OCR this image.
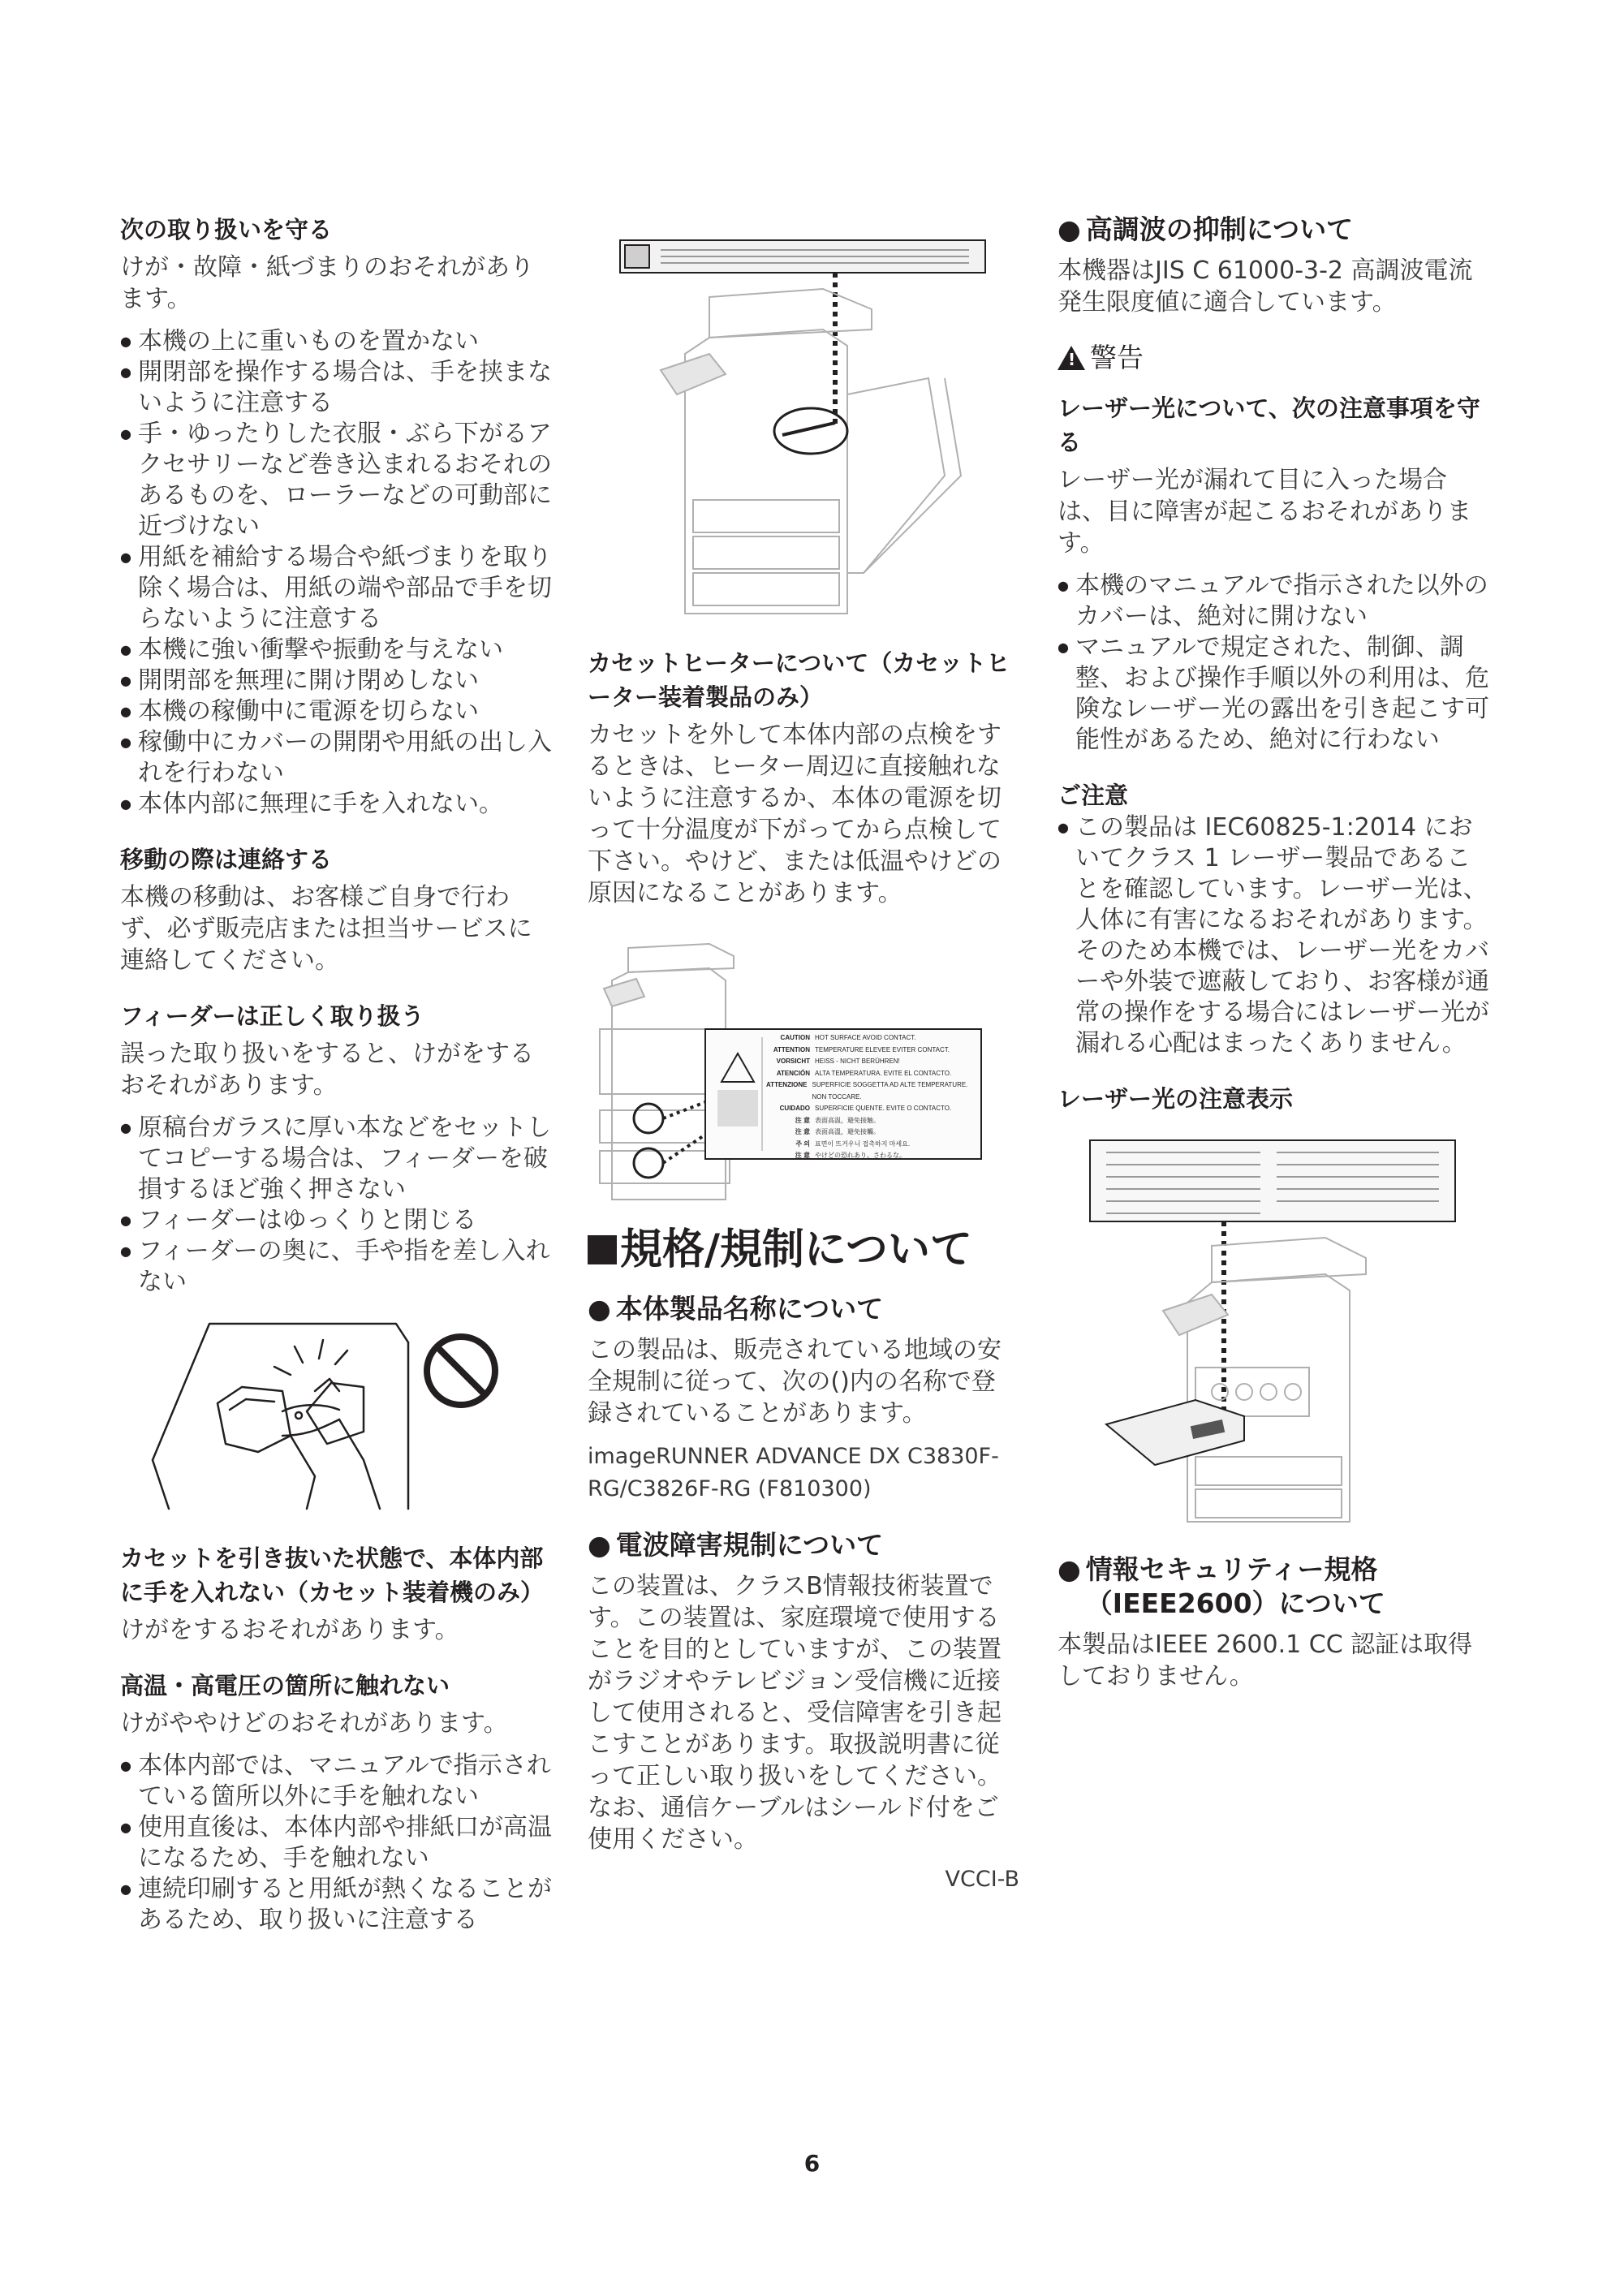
次の取り扱いを守る

けが・故障・紙づまりのおそれがあります。

● 本機の上に重いものを置かない
● 開閉部を操作する場合は、手を挟まないように注意する
● 手・ゆったりした衣服・ぶら下がるアクセサリーなど巻き込まれるおそれのあるものを、ローラーなどの可動部に近づけない
● 用紙を補給する場合や紙づまりを取り除く場合は、用紙の端や部品で手を切らないように注意する
● 本機に強い衝撃や振動を与えない
● 開閉部を無理に開け閉めしない
● 本機の稼働中に電源を切らない
● 稼働中にカバーの開閉や用紙の出し入れを行わない
● 本体内部に無理に手を入れない。

移動の際は連絡する

本機の移動は、お客様ご自身で行わず、必ず販売店または担当サービスに連絡してください。

フィーダーは正しく取り扱う

誤った取り扱いをすると、けがをするおそれがあります。

● 原稿台ガラスに厚い本などをセットしてコピーする場合は、フィーダーを破損するほど強く押さない
● フィーダーはゆっくりと閉じる
● フィーダーの奥に、手や指を差し入れない

カセットを引き抜いた状態で、本体内部に手を入れない（カセット装着機のみ）

けがをするおそれがあります。

高温・高電圧の箇所に触れない

けがややけどのおそれがあります。

● 本体内部では、マニュアルで指示されている箇所以外に手を触れない
● 使用直後は、本体内部や排紙口が高温になるため、手を触れない
● 連続印刷すると用紙が熱くなることがあるため、取り扱いに注意する

カセットヒーターについて（カセットヒーター装着製品のみ）

カセットを外して本体内部の点検をするときは、ヒーター周辺に直接触れないように注意するか、本体の電源を切って十分温度が下がってから点検して下さい。やけど、または低温やけどの原因になることがあります。

CAUTION HOT SURFACE AVOID CONTACT.
ATTENTION TEMPERATURE ELEVEE EVITER CONTACT.
VORSICHT HEISS - NICHT BERÜHREN!
ATENCIÓN ALTA TEMPERATURA. EVITE EL CONTACTO.
ATTENZIONE SUPERFICIE SOGGETTA AD ALTE TEMPERATURE. NON TOCCARE.
CUIDADO SUPERFICIE QUENTE. EVITE O CONTACTO.
注 意 表面高温，避免接触。
注 意 表面高溫，避免接觸。
주 의 표면이 뜨거우니 접촉하지 마세요.
注 意 やけどの恐れあり。さわるな。

規格/規制について

● 本体製品名称について

この製品は、販売されている地域の安全規制に従って、次の()内の名称で登録されていることがあります。

imageRUNNER ADVANCE DX C3830F-RG/C3826F-RG (F810300)

● 電波障害規制について

この装置は、クラスB情報技術装置です。この装置は、家庭環境で使用することを目的としていますが、この装置がラジオやテレビジョン受信機に近接して使用されると、受信障害を引き起こすことがあります。取扱説明書に従って正しい取り扱いをしてください。なお、通信ケーブルはシールド付をご使用ください。

VCCI-B

● 高調波の抑制について

本機器はJIS C 61000-3-2 高調波電流発生限度値に適合しています。

! 警告

レーザー光について、次の注意事項を守る

レーザー光が漏れて目に入った場合は、目に障害が起こるおそれがあります。

● 本機のマニュアルで指示された以外のカバーは、絶対に開けない
● マニュアルで規定された、制御、調整、および操作手順以外の利用は、危険なレーザー光の露出を引き起こす可能性があるため、絶対に行わない

ご注意

● この製品は IEC60825-1:2014 においてクラス 1 レーザー製品であることを確認しています。レーザー光は、人体に有害になるおそれがあります。そのため本機では、レーザー光をカバーや外装で遮蔽しており、お客様が通常の操作をする場合にはレーザー光が漏れる心配はまったくありません。

レーザー光の注意表示

● 情報セキュリティー規格（IEEE2600）について

本製品はIEEE 2600.1 CC 認証は取得しておりません。

6
